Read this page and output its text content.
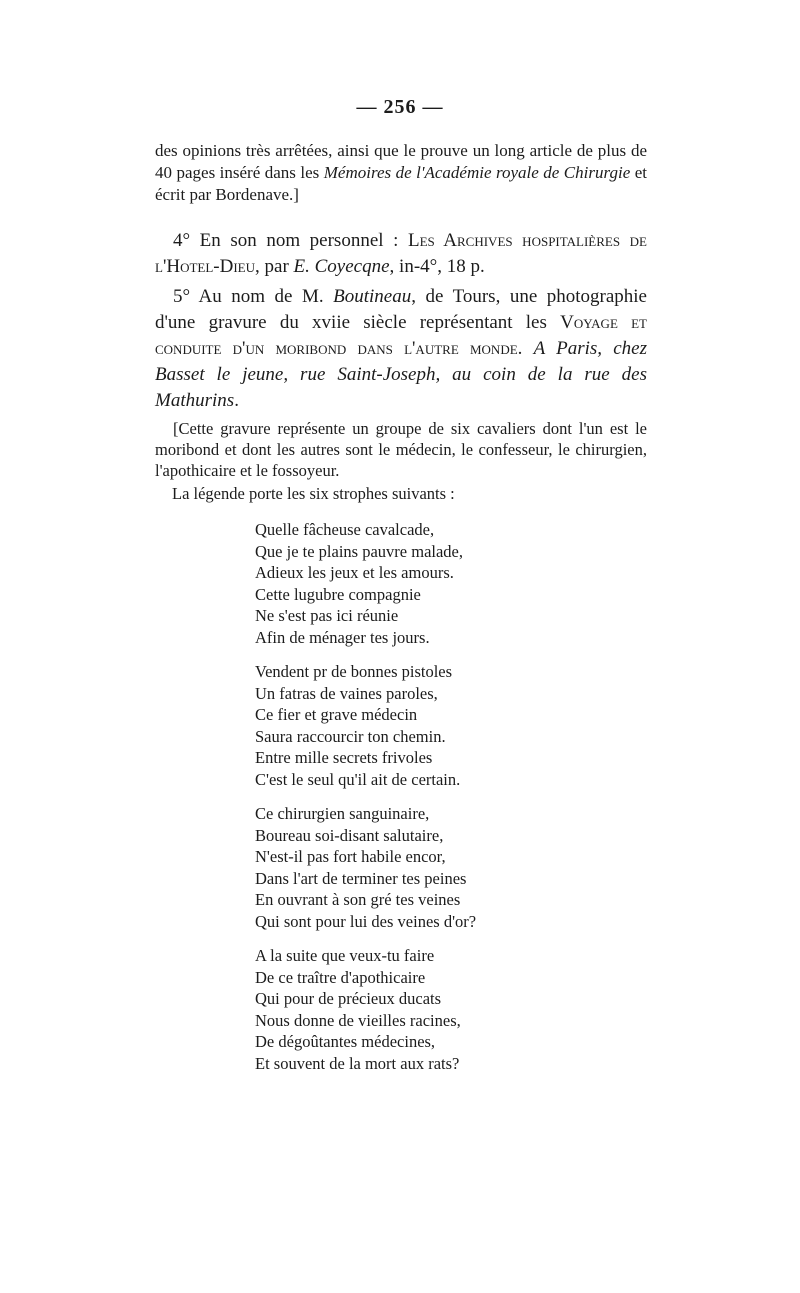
— 256 —
des opinions très arrêtées, ainsi que le prouve un long article de plus de 40 pages inséré dans les Mémoires de l'Académie royale de Chirurgie et écrit par Bordenave.]
4° En son nom personnel : Les Archives hospitalières de l'Hotel-Dieu, par E. Coyecqne, in-4°, 18 p.
5° Au nom de M. Boutineau, de Tours, une photographie d'une gravure du xviie siècle représentant les Voyage et conduite d'un moribond dans l'autre monde. A Paris, chez Basset le jeune, rue Saint-Joseph, au coin de la rue des Mathurins.
[Cette gravure représente un groupe de six cavaliers dont l'un est le moribond et dont les autres sont le médecin, le confesseur, le chirurgien, l'apothicaire et le fossoyeur.
La légende porte les six strophes suivants :
Quelle fâcheuse cavalcade,
Que je te plains pauvre malade,
Adieux les jeux et les amours.
Cette lugubre compagnie
Ne s'est pas ici réunie
Afin de ménager tes jours.
Vendent pr de bonnes pistoles
Un fatras de vaines paroles,
Ce fier et grave médecin
Saura raccourcir ton chemin.
Entre mille secrets frivoles
C'est le seul qu'il ait de certain.
Ce chirurgien sanguinaire,
Boureau soi-disant salutaire,
N'est-il pas fort habile encor,
Dans l'art de terminer tes peines
En ouvrant à son gré tes veines
Qui sont pour lui des veines d'or?
A la suite que veux-tu faire
De ce traître d'apothicaire
Qui pour de précieux ducats
Nous donne de vieilles racines,
De dégoûtantes médecines,
Et souvent de la mort aux rats?
